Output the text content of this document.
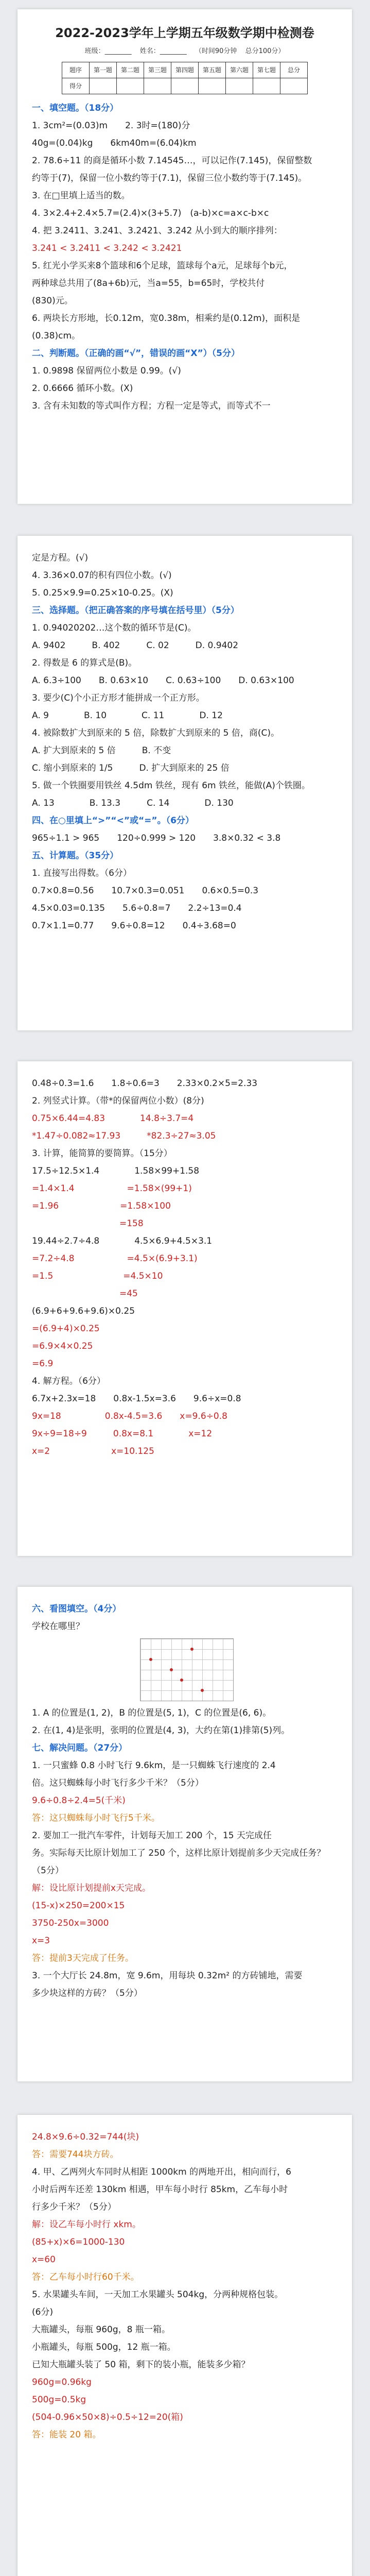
2022-2023学年上学期五年级数学期中检测卷
班级：________ 姓名：________ （时间90分钟 总分100分）
题序	第一题	第二题	第三题	第四题	第五题	第六题	第七题	总分
得分								
一、填空题。（18分）
1. 3cm²=(0.03)m　　2. 3时=(180)分
40g=(0.04)kg　　6km40m=(6.04)km
2. 78.6÷11 的商是循环小数 7.14545…，可以记作(7.145)，保留整数
约等于(7)，保留一位小数约等于(7.1)，保留三位小数约等于(7.145)。
3. 在□里填上适当的数。
4. 3×2.4+2.4×5.7=(2.4)×(3+5.7)　(a-b)×c=a×c-b×c
4. 把 3.2411、3.241、3.2421、3.242 从小到大的顺序排列：
3.241 < 3.2411 < 3.242 < 3.2421
5. 红光小学买来8个篮球和6个足球，篮球每个a元，足球每个b元，
两种球总共用了(8a+6b)元，当a=55，b=65时，学校共付
(830)元。
6. 两块长方形地，长0.12m，宽0.38m，相乘约是(0.12m)，面积是
(0.38)cm。
二、判断题。（正确的画“√”，错误的画“X”）（5分）
1. 0.9898 保留两位小数是 0.99。(√)
2. 0.6666 循环小数。(X)
3. 含有未知数的等式叫作方程；方程一定是等式，而等式不一
定是方程。(√)
4. 3.36×0.07的积有四位小数。(√)
5. 0.25×9.9=0.25×10-0.25。(X)
三、选择题。（把正确答案的序号填在括号里）（5分）
1. 0.94020202…这个数的循环节是(C)。
A. 9402　　　B. 402　　　C. 02　　　D. 0.9402
2. 得数是 6 的算式是(B)。
A. 6.3÷100　　B. 0.63×10　　C. 0.63÷100　　D. 0.63×100
3. 要少(C)个小正方形才能拼成一个正方形。
A. 9　　　　B. 10　　　　C. 11　　　　D. 12
4. 被除数扩大到原来的 5 倍，除数扩大到原来的 5 倍，商(C)。
A. 扩大到原来的 5 倍　　　B. 不变
C. 缩小到原来的 1/5　　　D. 扩大到原来的 25 倍
5. 做一个铁圈要用铁丝 4.5dm 铁丝，现有 6m 铁丝，能做(A)个铁圈。
A. 13　　　　B. 13.3　　　C. 14　　　　D. 130
四、在○里填上“>”“<”或“=”。（6分）
965÷1.1 > 965　　120÷0.999 > 120　　3.8×0.32 < 3.8
五、计算题。（35分）
1. 直接写出得数。（6分）
0.7×0.8=0.56　　10.7×0.3=0.051　　0.6×0.5=0.3
4.5×0.03=0.135　　5.6÷0.8=7　　2.2÷13=0.4
0.7×1.1=0.77　　9.6÷0.8=12　　0.4÷3.68=0
0.48÷0.3=1.6　　1.8÷0.6=3　　2.33×0.2×5=2.33
2. 列竖式计算。（带*的保留两位小数）(8分)
0.75×6.44=4.83　　　　14.8÷3.7=4
*1.47÷0.082≈17.93　　　*82.3÷27≈3.05
3. 计算，能简算的要简算。（15分）
17.5÷12.5×1.4　　　　1.58×99+1.58
=1.4×1.4　　　　　　=1.58×(99+1)
=1.96　　　　　　　=1.58×100
　　　　　　　　　　=158
19.44÷2.7÷4.8　　　　4.5×6.9+4.5×3.1
=7.2÷4.8　　　　　　=4.5×(6.9+3.1)
=1.5　　　　　　　　=4.5×10
　　　　　　　　　　=45
(6.9+6+9.6+9.6)×0.25
=(6.9+4)×0.25
=6.9×4×0.25
=6.9
4. 解方程。（6分）
6.7x+2.3x=18　　0.8x-1.5x=3.6　　9.6÷x=0.8
9x=18　　　　　0.8x-4.5=3.6　　x=9.6÷0.8
9x÷9=18÷9　　　0.8x=8.1　　　　x=12
x=2　　　　　　　x=10.125
六、看图填空。（4分）
学校在哪里？
1. A 的位置是(1, 2)，B 的位置是(5, 1)，C 的位置是(6, 6)。
2. 在(1, 4)是张明，张明的位置是(4, 3)，大约在第(1)排第(5)列。
七、解决问题。（27分）
1. 一只蜜蜂 0.8 小时飞行 9.6km，是一只蜘蛛飞行速度的 2.4
倍。这只蜘蛛每小时飞行多少千米？（5分）
9.6÷0.8÷2.4=5(千米)
答：这只蜘蛛每小时飞行5千米。
2. 要加工一批汽车零件，计划每天加工 200 个，15 天完成任
务。实际每天比原计划加工了 250 个，这样比原计划提前多少天完成任务？
（5分）
解：设比原计划提前x天完成。
(15-x)×250=200×15
3750-250x=3000
x=3
答：提前3天完成了任务。
3. 一个大厅长 24.8m，宽 9.6m，用每块 0.32m² 的方砖铺地，需要
多少块这样的方砖？（5分）
24.8×9.6÷0.32=744(块)
答：需要744块方砖。
4. 甲、乙两列火车同时从相距 1000km 的两地开出，相向而行，6
小时后两车还差 130km 相遇，甲车每小时行 85km，乙车每小时
行多少千米？（5分）
解：设乙车每小时行 xkm。
(85+x)×6=1000-130
x=60
答：乙车每小时行60千米。
5. 水果罐头车间，一天加工水果罐头 504kg，分两种规格包装。
(6分)
大瓶罐头，每瓶 960g，8 瓶一箱。
小瓶罐头，每瓶 500g，12 瓶一箱。
已知大瓶罐头装了 50 箱，剩下的装小瓶，能装多少箱？
960g=0.96kg
500g=0.5kg
(504-0.96×50×8)÷0.5÷12=20(箱)
答：能装 20 箱。
